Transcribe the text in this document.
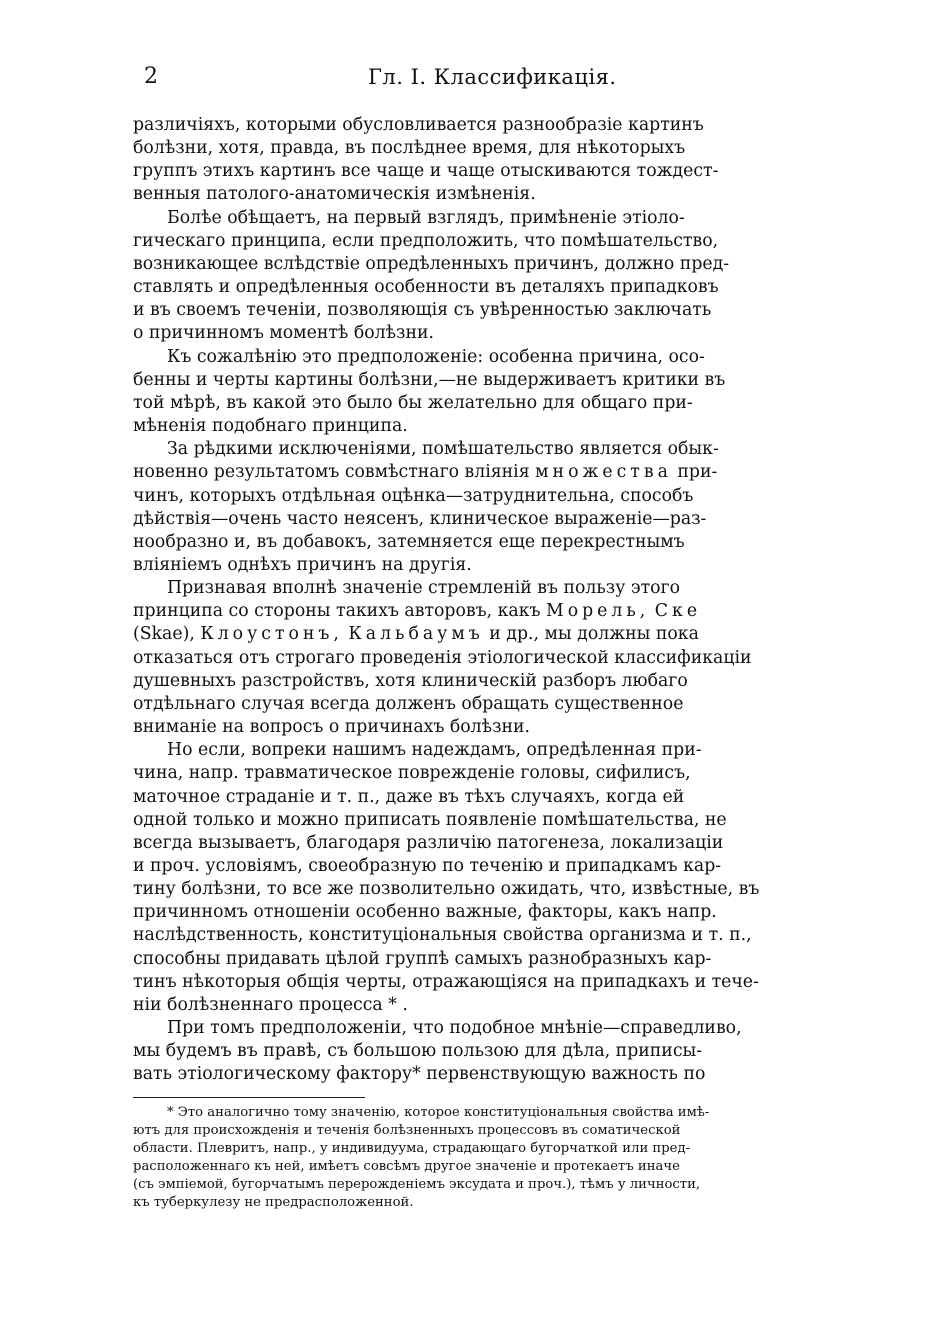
2	Гл. I. Классификація.

различіяхъ, которыми обусловливается разнообразіе картинъ
болѣзни, хотя, правда, въ послѣднее время, для нѣкоторыхъ
группъ этихъ картинъ все чаще и чаще отыскиваются тождест-
венныя патолого-анатомическія измѣненія.

Болѣе обѣщаетъ, на первый взглядъ, примѣненіе этіоло-
гическаго принципа, если предположить, что помѣшательство,
возникающее вслѣдствіе опредѣленныхъ причинъ, должно пред-
ставлять и опредѣленныя особенности въ деталяхъ припадковъ
и въ своемъ теченіи, позволяющія съ увѣренностью заключать
о причинномъ моментѣ болѣзни.

Къ сожалѣнію это предположеніе: особенна причина, осо-
бенны и черты картины болѣзни,—не выдерживаетъ критики въ
той мѣрѣ, въ какой это было бы желательно для общаго при-
мѣненія подобнаго принципа.

За рѣдкими исключеніями, помѣшательство является обык-
новенно результатомъ совмѣстнаго вліянія множества при-
чинъ, которыхъ отдѣльная оцѣнка—затруднительна, способъ
дѣйствія—очень часто неясенъ, клиническое выраженіе—раз-
нообразно и, въ добавокъ, затемняется еще перекрестнымъ
вліяніемъ однѣхъ причинъ на другія.

Признавая вполнѣ значеніе стремленій въ пользу этого
принципа со стороны такихъ авторовъ, какъ Морель, Ске
(Skae), Клоустонъ, Кальбаумъ и др., мы должны пока
отказаться отъ строгаго проведенія этіологической классификаціи
душевныхъ разстройствъ, хотя клиническій разборъ любаго
отдѣльнаго случая всегда долженъ обращать существенное
вниманіе на вопросъ о причинахъ болѣзни.

Но если, вопреки нашимъ надеждамъ, опредѣленная при-
чина, напр. травматическое поврежденіе головы, сифилисъ,
маточное страданіе и т. п., даже въ тѣхъ случаяхъ, когда ей
одной только и можно приписать появленіе помѣшательства, не
всегда вызываетъ, благодаря различію патогенеза, локализаціи
и проч. условіямъ, своеобразную по теченію и припадкамъ кар-
тину болѣзни, то все же позволительно ожидать, что, извѣстные, въ
причинномъ отношеніи особенно важные, факторы, какъ напр.
наслѣдственность, конституціональныя свойства организма и т. п.,
способны придавать цѣлой группѣ самыхъ разнобразныхъ кар-
тинъ нѣкоторыя общія черты, отражающіяся на припадкахъ и тече-
ніи болѣзненнаго процесса * .

При томъ предположеніи, что подобное мнѣніе—справедливо,
мы будемъ въ правѣ, съ большою пользою для дѣла, приписы-
вать этіологическому фактору* первенствующую важность по

* Это аналогично тому значенію, которое конституціональныя свойства имѣ-
ютъ для происхожденія и теченія болѣзненныхъ процессовъ въ соматической
области. Плевритъ, напр., у индивидуума, страдающаго бугорчаткой или пред-
расположеннаго къ ней, имѣетъ совсѣмъ другое значеніе и протекаетъ иначе
(съ эмпіемой, бугорчатымъ перерожденіемъ эксудата и проч.), тѣмъ у личности,
къ туберкулезу не предрасположенной.
